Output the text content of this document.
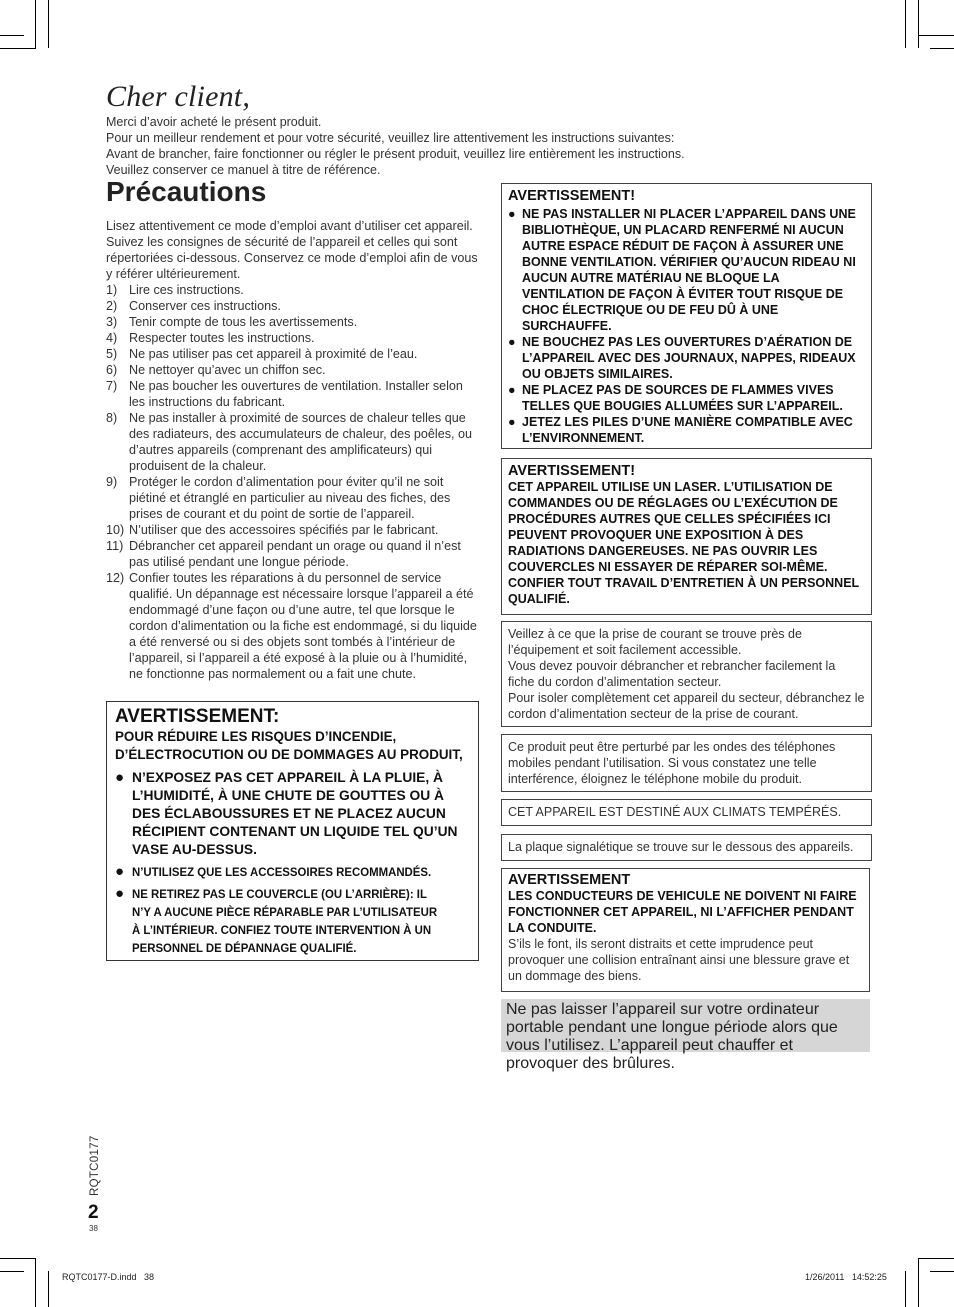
Cher client,
Merci d’avoir acheté le présent produit.
Pour un meilleur rendement et pour votre sécurité, veuillez lire attentivement les instructions suivantes:
Avant de brancher, faire fonctionner ou régler le présent produit, veuillez lire entièrement les instructions.
Veuillez conserver ce manuel à titre de référence.
Précautions
Lisez attentivement ce mode d’emploi avant d’utiliser cet appareil. Suivez les consignes de sécurité de l’appareil et celles qui sont répertoriées ci-dessous. Conservez ce mode d’emploi afin de vous y référer ultérieurement.
1) Lire ces instructions.
2) Conserver ces instructions.
3) Tenir compte de tous les avertissements.
4) Respecter toutes les instructions.
5) Ne pas utiliser pas cet appareil à proximité de l’eau.
6) Ne nettoyer qu’avec un chiffon sec.
7) Ne pas boucher les ouvertures de ventilation. Installer selon les instructions du fabricant.
8) Ne pas installer à proximité de sources de chaleur telles que des radiateurs, des accumulateurs de chaleur, des poêles, ou d’autres appareils (comprenant des amplificateurs) qui produisent de la chaleur.
9) Protéger le cordon d’alimentation pour éviter qu’il ne soit piétiné et étranglé en particulier au niveau des fiches, des prises de courant et du point de sortie de l’appareil.
10) N’utiliser que des accessoires spécifiés par le fabricant.
11) Débrancher cet appareil pendant un orage ou quand il n’est pas utilisé pendant une longue période.
12) Confier toutes les réparations à du personnel de service qualifié. Un dépannage est nécessaire lorsque l’appareil a été endommagé d’une façon ou d’une autre, tel que lorsque le cordon d’alimentation ou la fiche est endommagé, si du liquide a été renversé ou si des objets sont tombés à l’intérieur de l’appareil, si l’appareil a été exposé à la pluie ou à l’humidité, ne fonctionne pas normalement ou a fait une chute.
AVERTISSEMENT:
POUR RÉDUIRE LES RISQUES D’INCENDIE, D’ÉLECTROCUTION OU DE DOMMAGES AU PRODUIT,
● N’EXPOSEZ PAS CET APPAREIL À LA PLUIE, À L’HUMIDITÉ, À UNE CHUTE DE GOUTTES OU À DES ÉCLABOUSSURES ET NE PLACEZ AUCUN RÉCIPIENT CONTENANT UN LIQUIDE TEL QU’UN VASE AU-DESSUS.
● N’UTILISEZ QUE LES ACCESSOIRES RECOMMANDÉS.
● NE RETIREZ PAS LE COUVERCLE (OU L’ARRIÈRE): IL N’Y A AUCUNE PIÈCE RÉPARABLE PAR L’UTILISATEUR À L’INTÉRIEUR. CONFIEZ TOUTE INTERVENTION À UN PERSONNEL DE DÉPANNAGE QUALIFIÉ.
AVERTISSEMENT!
● NE PAS INSTALLER NI PLACER L’APPAREIL DANS UNE BIBLIOTHÈQUE, UN PLACARD RENFERMÉ NI AUCUN AUTRE ESPACE RÉDUIT DE FAÇON À ASSURER UNE BONNE VENTILATION. VÉRIFIER QU’AUCUN RIDEAU NI AUCUN AUTRE MATÉRIAU NE BLOQUE LA VENTILATION DE FAÇON À ÉVITER TOUT RISQUE DE CHOC ÉLECTRIQUE OU DE FEU DÛ À UNE SURCHAUFFE.
● NE BOUCHEZ PAS LES OUVERTURES D’AÉRATION DE L’APPAREIL AVEC DES JOURNAUX, NAPPES, RIDEAUX OU OBJETS SIMILAIRES.
● NE PLACEZ PAS DE SOURCES DE FLAMMES VIVES TELLES QUE BOUGIES ALLUMÉES SUR L’APPAREIL.
● JETEZ LES PILES D’UNE MANIÈRE COMPATIBLE AVEC L’ENVIRONNEMENT.
AVERTISSEMENT!
CET APPAREIL UTILISE UN LASER. L’UTILISATION DE COMMANDES OU DE RÉGLAGES OU L’EXÉCUTION DE PROCÉDURES AUTRES QUE CELLES SPÉCIFIÉES ICI PEUVENT PROVOQUER UNE EXPOSITION À DES RADIATIONS DANGEREUSES. NE PAS OUVRIR LES COUVERCLES NI ESSAYER DE RÉPARER SOI-MÊME. CONFIER TOUT TRAVAIL D’ENTRETIEN À UN PERSONNEL QUALIFIÉ.
Veillez à ce que la prise de courant se trouve près de l’équipement et soit facilement accessible.
Vous devez pouvoir débrancher et rebrancher facilement la fiche du cordon d’alimentation secteur.
Pour isoler complètement cet appareil du secteur, débranchez le cordon d’alimentation secteur de la prise de courant.
Ce produit peut être perturbé par les ondes des téléphones mobiles pendant l’utilisation. Si vous constatez une telle interférence, éloignez le téléphone mobile du produit.
CET APPAREIL EST DESTINÉ AUX CLIMATS TEMPÉRÉS.
La plaque signalétique se trouve sur le dessous des appareils.
AVERTISSEMENT
LES CONDUCTEURS DE VEHICULE NE DOIVENT NI FAIRE FONCTIONNER CET APPAREIL, NI L’AFFICHER PENDANT LA CONDUITE.
S’ils le font, ils seront distraits et cette imprudence peut provoquer une collision entraînant ainsi une blessure grave et un dommage des biens.
Ne pas laisser l’appareil sur votre ordinateur portable pendant une longue période alors que vous l’utilisez. L’appareil peut chauffer et provoquer des brûlures.
RQTC0177
2
38
RQTC0177-D.indd   38	1/26/2011   14:52:25
